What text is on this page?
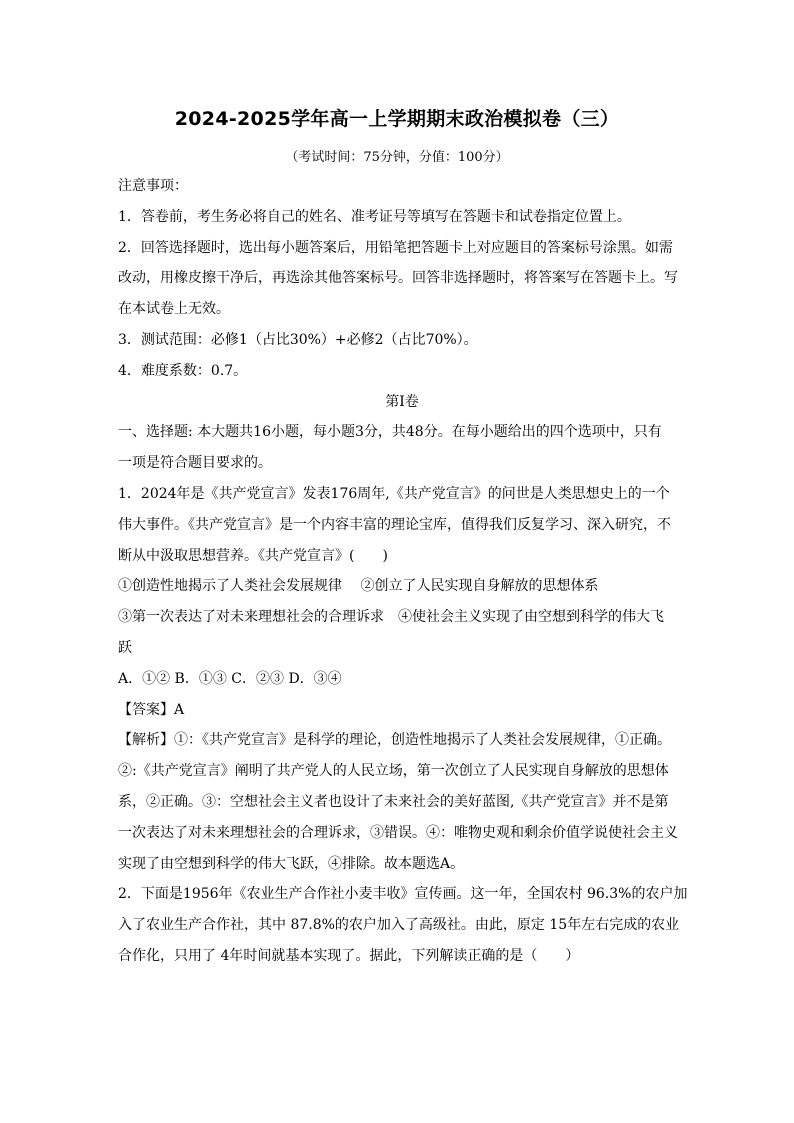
2024-2025学年高一上学期期末政治模拟卷（三）
（考试时间：75分钟，分值：100分）

注意事项：

1．答卷前，考生务必将自己的姓名、准考证号等填写在答题卡和试卷指定位置上。

2．回答选择题时，选出每小题答案后，用铅笔把答题卡上对应题目的答案标号涂黑。如需

改动，用橡皮擦干净后，再选涂其他答案标号。回答非选择题时，将答案写在答题卡上。写

在本试卷上无效。

3．测试范围：必修1（占比30%）+必修2（占比70%）。

4．难度系数：0.7。

第Ⅰ卷

一、选择题: 本大题共16小题，每小题3分，共48分。在每小题给出的四个选项中，只有

一项是符合题目要求的。

1．2024年是《共产党宣言》发表176周年,《共产党宣言》的问世是人类思想史上的一个

伟大事件。《共产党宣言》是一个内容丰富的理论宝库，值得我们反复学习、深入研究，不

断从中汲取思想营养。《共产党宣言》(　　)

①创造性地揭示了人类社会发展规律　 ②创立了人民实现自身解放的思想体系

③第一次表达了对未来理想社会的合理诉求　④使社会主义实现了由空想到科学的伟大飞

跃

A．①② B．①③ C．②③ D．③④

【答案】A

【解析】①：《共产党宣言》是科学的理论，创造性地揭示了人类社会发展规律，①正确。

②:《共产党宣言》阐明了共产党人的人民立场，第一次创立了人民实现自身解放的思想体

系，②正确。③：空想社会主义者也设计了未来社会的美好蓝图,《共产党宣言》并不是第

一次表达了对未来理想社会的合理诉求，③错误。④：唯物史观和剩余价值学说使社会主义

实现了由空想到科学的伟大飞跃，④排除。故本题选A。

2．下面是1956年《农业生产合作社小麦丰收》宣传画。这一年，全国农村 96.3%的农户加

入了农业生产合作社，其中 87.8%的农户加入了高级社。由此，原定 15年左右完成的农业

合作化，只用了 4年时间就基本实现了。据此，下列解读正确的是（　　）
